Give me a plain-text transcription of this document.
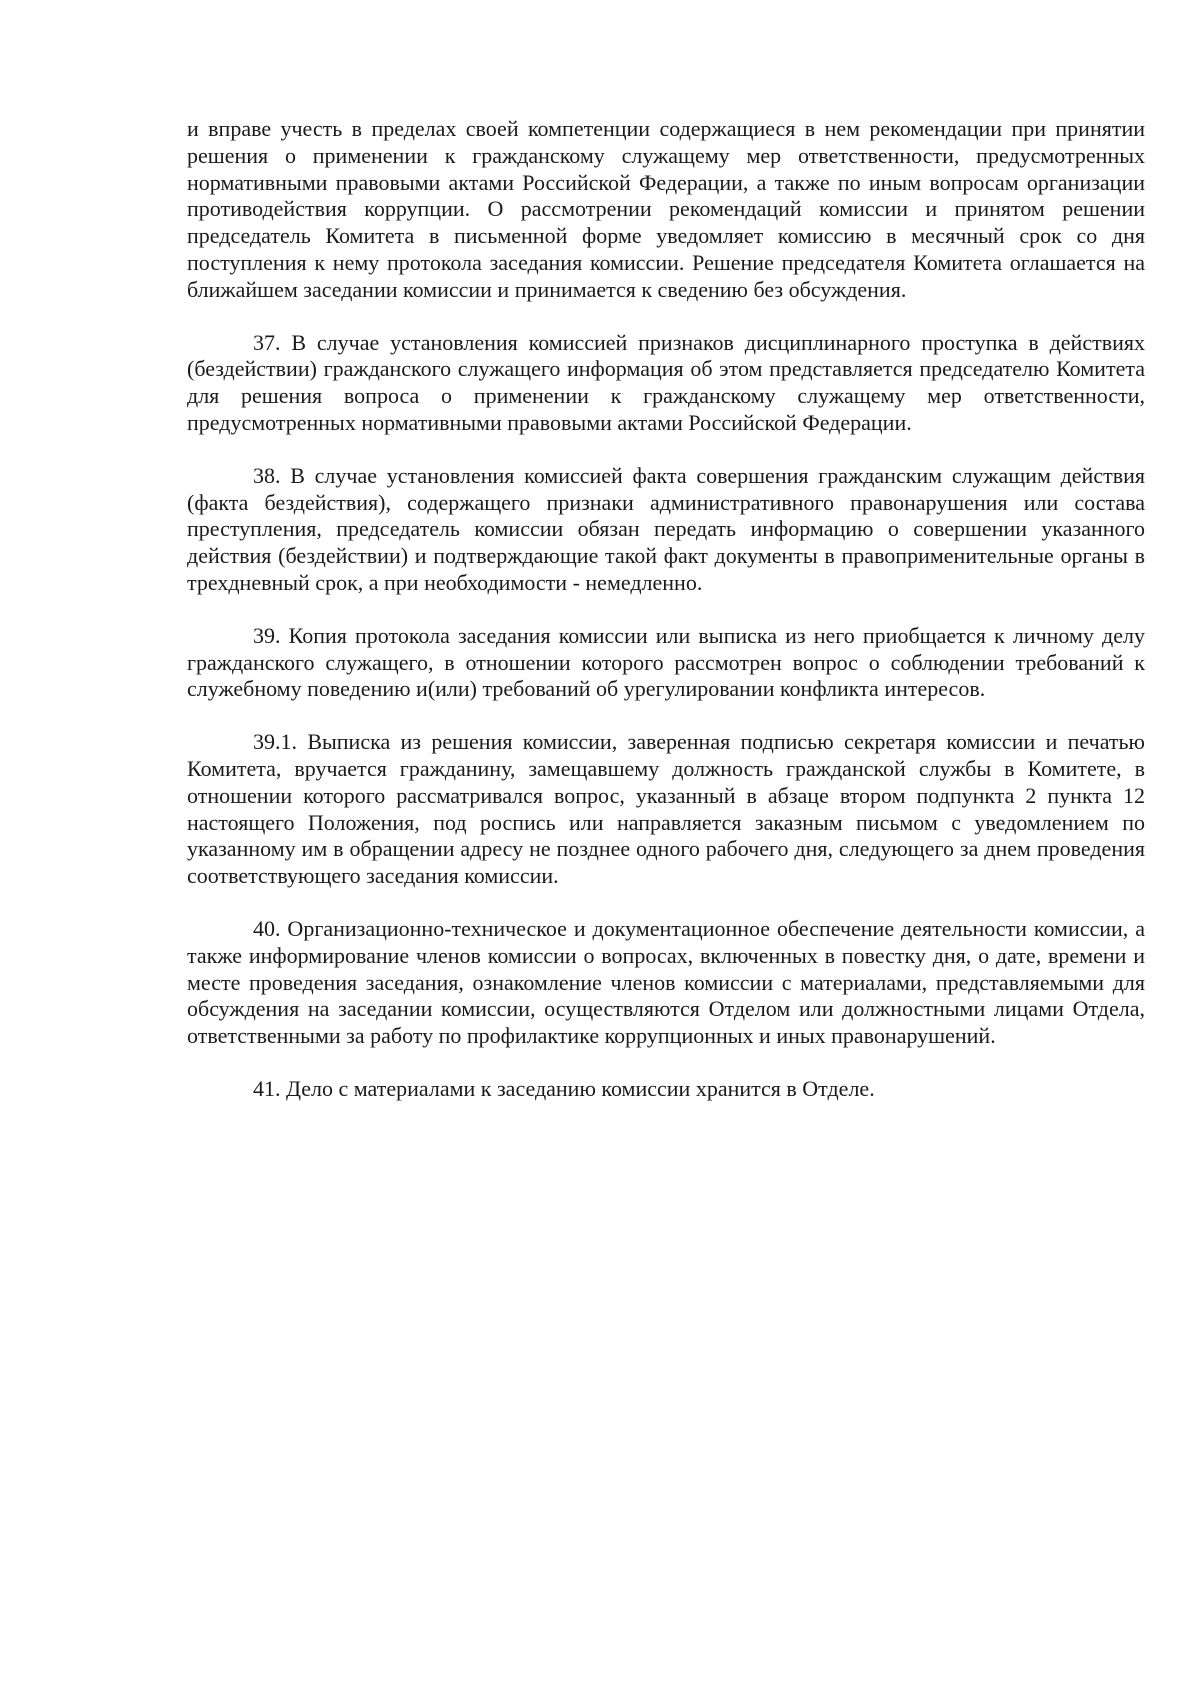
и вправе учесть в пределах своей компетенции содержащиеся в нем рекомендации при принятии решения о применении к гражданскому служащему мер ответственности, предусмотренных нормативными правовыми актами Российской Федерации, а также по иным вопросам организации противодействия коррупции. О рассмотрении рекомендаций комиссии и принятом решении председатель Комитета в письменной форме уведомляет комиссию в месячный срок со дня поступления к нему протокола заседания комиссии. Решение председателя Комитета оглашается на ближайшем заседании комиссии и принимается к сведению без обсуждения.

37. В случае установления комиссией признаков дисциплинарного проступка в действиях (бездействии) гражданского служащего информация об этом представляется председателю Комитета для решения вопроса о применении к гражданскому служащему мер ответственности, предусмотренных нормативными правовыми актами Российской Федерации.

38. В случае установления комиссией факта совершения гражданским служащим действия (факта бездействия), содержащего признаки административного правонарушения или состава преступления, председатель комиссии обязан передать информацию о совершении указанного действия (бездействии) и подтверждающие такой факт документы в правоприменительные органы в трехдневный срок, а при необходимости - немедленно.

39. Копия протокола заседания комиссии или выписка из него приобщается к личному делу гражданского служащего, в отношении которого рассмотрен вопрос о соблюдении требований к служебному поведению и(или) требований об урегулировании конфликта интересов.

39.1. Выписка из решения комиссии, заверенная подписью секретаря комиссии и печатью Комитета, вручается гражданину, замещавшему должность гражданской службы в Комитете, в отношении которого рассматривался вопрос, указанный в абзаце втором подпункта 2 пункта 12 настоящего Положения, под роспись или направляется заказным письмом с уведомлением по указанному им в обращении адресу не позднее одного рабочего дня, следующего за днем проведения соответствующего заседания комиссии.

40. Организационно-техническое и документационное обеспечение деятельности комиссии, а также информирование членов комиссии о вопросах, включенных в повестку дня, о дате, времени и месте проведения заседания, ознакомление членов комиссии с материалами, представляемыми для обсуждения на заседании комиссии, осуществляются Отделом или должностными лицами Отдела, ответственными за работу по профилактике коррупционных и иных правонарушений.

41. Дело с материалами к заседанию комиссии хранится в Отделе.
